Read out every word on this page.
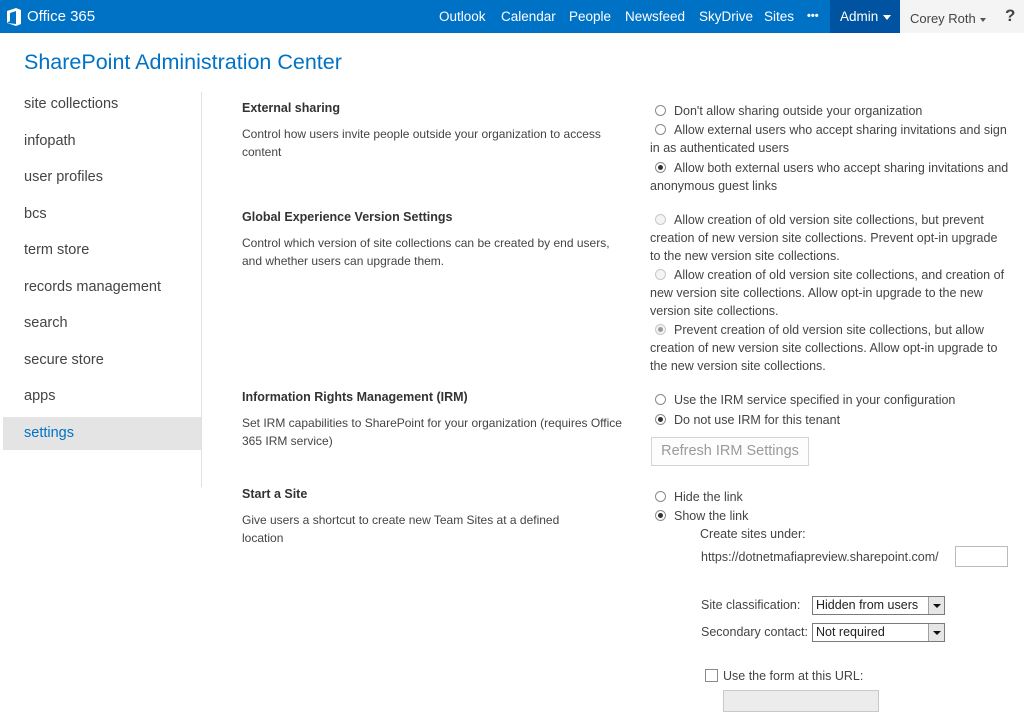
Office 365	Outlook Calendar People Newsfeed SkyDrive Sites •••	Admin	Corey Roth	?
SharePoint Administration Center
site collections
infopath
user profiles
bcs
term store
records management
search
secure store
apps
settings
External sharing
Control how users invite people outside your organization to access content
Don't allow sharing outside your organization
Allow external users who accept sharing invitations and sign in as authenticated users
Allow both external users who accept sharing invitations and anonymous guest links
Global Experience Version Settings
Control which version of site collections can be created by end users, and whether users can upgrade them.
Allow creation of old version site collections, but prevent creation of new version site collections. Prevent opt-in upgrade to the new version site collections.
Allow creation of old version site collections, and creation of new version site collections. Allow opt-in upgrade to the new version site collections.
Prevent creation of old version site collections, but allow creation of new version site collections. Allow opt-in upgrade to the new version site collections.
Information Rights Management (IRM)
Set IRM capabilities to SharePoint for your organization (requires Office 365 IRM service)
Use the IRM service specified in your configuration
Do not use IRM for this tenant
Refresh IRM Settings
Start a Site
Give users a shortcut to create new Team Sites at a defined location
Hide the link
Show the link
Create sites under:
https://dotnetmafiapreview.sharepoint.com/
Site classification:	Hidden from users
Secondary contact: Not required
Use the form at this URL:
